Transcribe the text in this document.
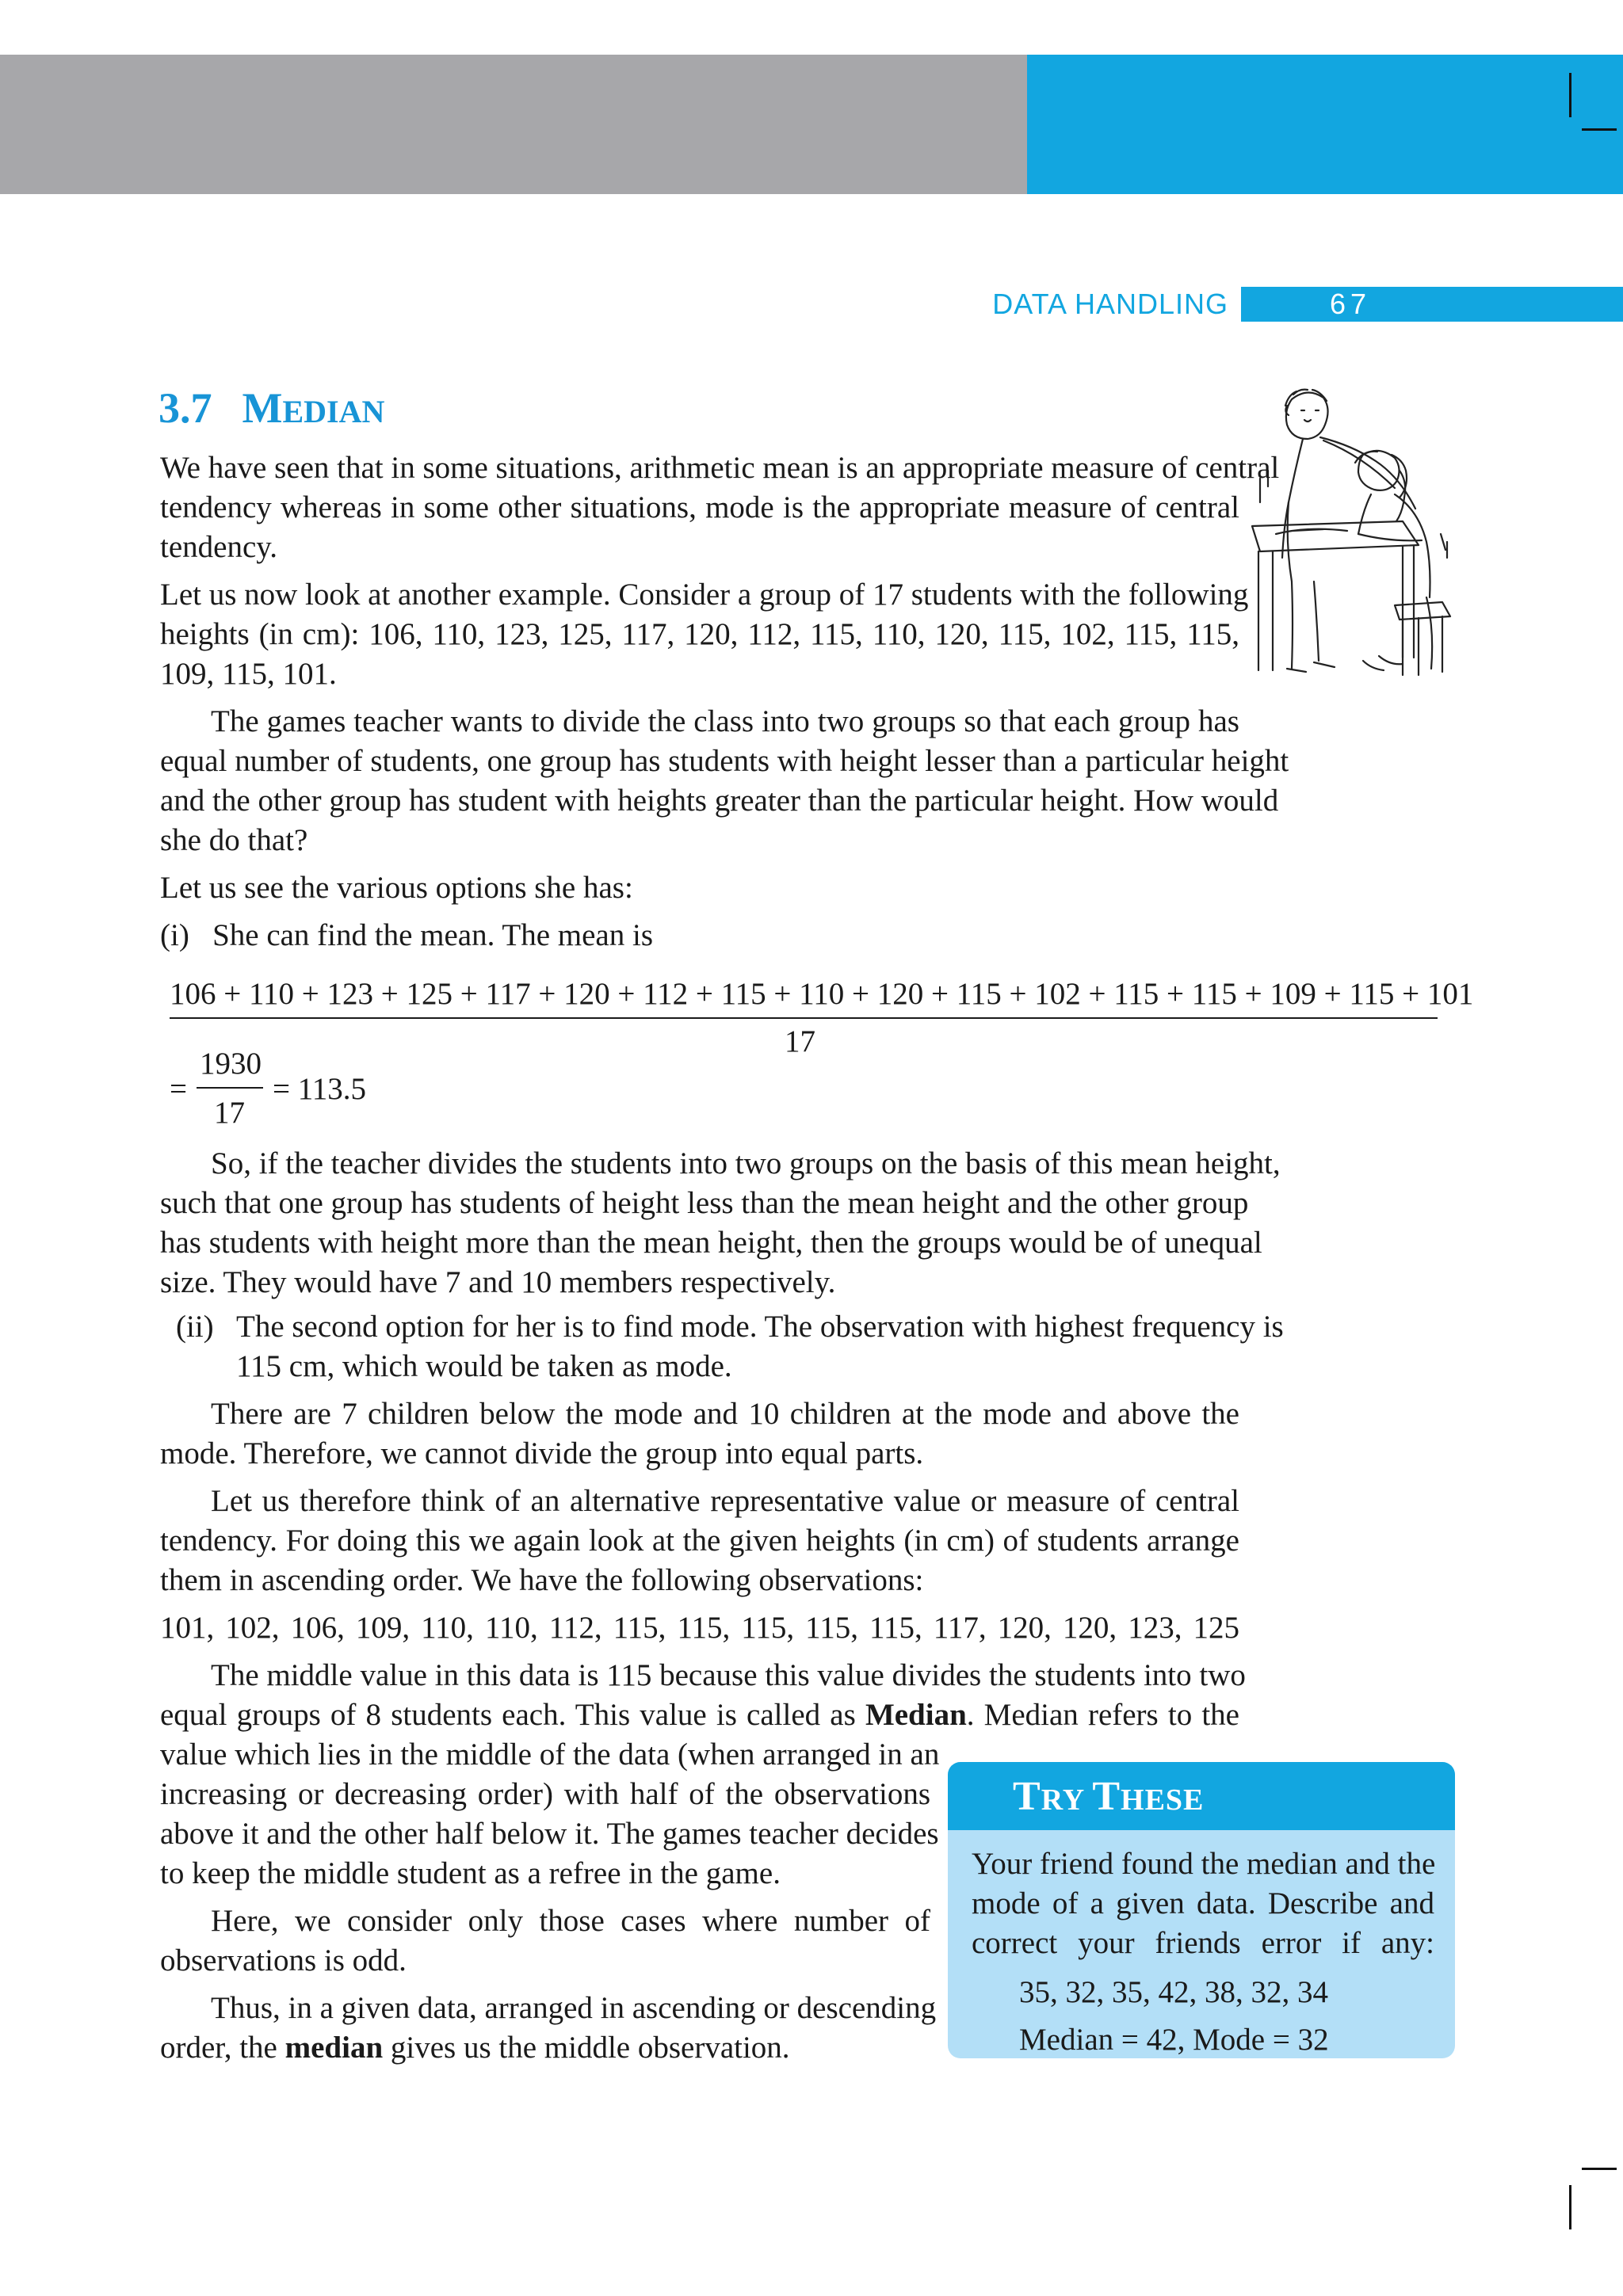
DATA HANDLING	67
3.7 MEDIAN
We have seen that in some situations, arithmetic mean is an appropriate measure of central
tendency whereas in some other situations, mode is the appropriate measure of central
tendency.
Let us now look at another example. Consider a group of 17 students with the following
heights (in cm): 106, 110, 123, 125, 117, 120, 112, 115, 110, 120, 115, 102, 115, 115,
109, 115, 101.
The games teacher wants to divide the class into two groups so that each group has
equal number of students, one group has students with height lesser than a particular height
and the other group has student with heights greater than the particular height. How would
she do that?
Let us see the various options she has:
(i) She can find the mean. The mean is
106 + 110 + 123 + 125 + 117 + 120 + 112 + 115 + 110 + 120 + 115 + 102 + 115 + 115 + 109 + 115 + 101
17
=
1930
17
= 113.5
So, if the teacher divides the students into two groups on the basis of this mean height,
such that one group has students of height less than the mean height and the other group
has students with height more than the mean height, then the groups would be of unequal
size. They would have 7 and 10 members respectively.
(ii) The second option for her is to find mode. The observation with highest frequency is
115 cm, which would be taken as mode.
There are 7 children below the mode and 10 children at the mode and above the
mode. Therefore, we cannot divide the group into equal parts.
Let us therefore think of an alternative representative value or measure of central
tendency. For doing this we again look at the given heights (in cm) of students arrange
them in ascending order. We have the following observations:
101, 102, 106, 109, 110, 110, 112, 115, 115, 115, 115, 115, 117, 120, 120, 123, 125
The middle value in this data is 115 because this value divides the students into two
equal groups of 8 students each. This value is called as Median. Median refers to the
value which lies in the middle of the data (when arranged in an
increasing or decreasing order) with half of the observations
above it and the other half below it. The games teacher decides
to keep the middle student as a refree in the game.
Here, we consider only those cases where number of
observations is odd.
Thus, in a given data, arranged in ascending or descending
order, the median gives us the middle observation.
TRY THESE
Your friend found the median and the
mode of a given data. Describe and
correct your friends error if any:
35, 32, 35, 42, 38, 32, 34
Median = 42, Mode = 32
